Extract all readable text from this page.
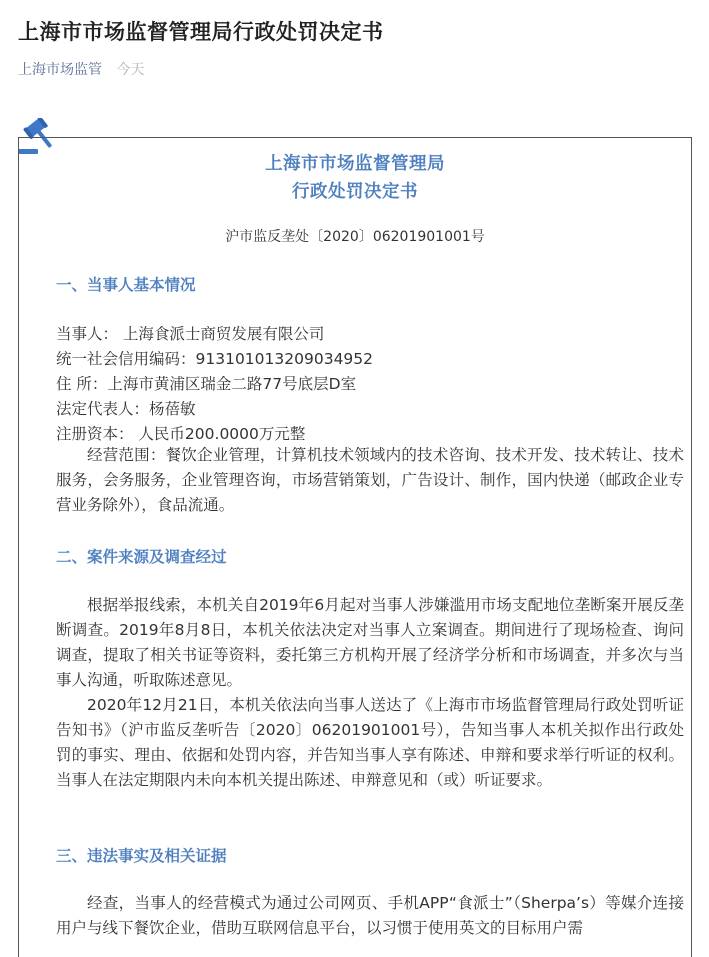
上海市市场监督管理局行政处罚决定书
上海市场监管 今天
上海市市场监督管理局
行政处罚决定书
沪市监反垄处〔2020〕06201901001号
一、当事人基本情况
当事人： 上海食派士商贸发展有限公司
统一社会信用编码：913101013209034952
住 所：上海市黄浦区瑞金二路77号底层D室
法定代表人：杨蓓敏
注册资本： 人民币200.0000万元整
经营范围：餐饮企业管理，计算机技术领域内的技术咨询、技术开发、技术转让、技术服务，会务服务，企业管理咨询，市场营销策划，广告设计、制作，国内快递（邮政企业专营业务除外），食品流通。
二、案件来源及调查经过
根据举报线索，本机关自2019年6月起对当事人涉嫌滥用市场支配地位垄断案开展反垄断调查。2019年8月8日，本机关依法决定对当事人立案调查。期间进行了现场检查、询问调查，提取了相关书证等资料，委托第三方机构开展了经济学分析和市场调查，并多次与当事人沟通，听取陈述意见。
2020年12月21日，本机关依法向当事人送达了《上海市市场监督管理局行政处罚听证告知书》（沪市监反垄听告〔2020〕06201901001号），告知当事人本机关拟作出行政处罚的事实、理由、依据和处罚内容，并告知当事人享有陈述、申辩和要求举行听证的权利。当事人在法定期限内未向本机关提出陈述、申辩意见和（或）听证要求。
三、违法事实及相关证据
经查，当事人的经营模式为通过公司网页、手机APP“食派士”（Sherpa’s）等媒介连接用户与线下餐饮企业，借助互联网信息平台，以习惯于使用英文的目标用户需
